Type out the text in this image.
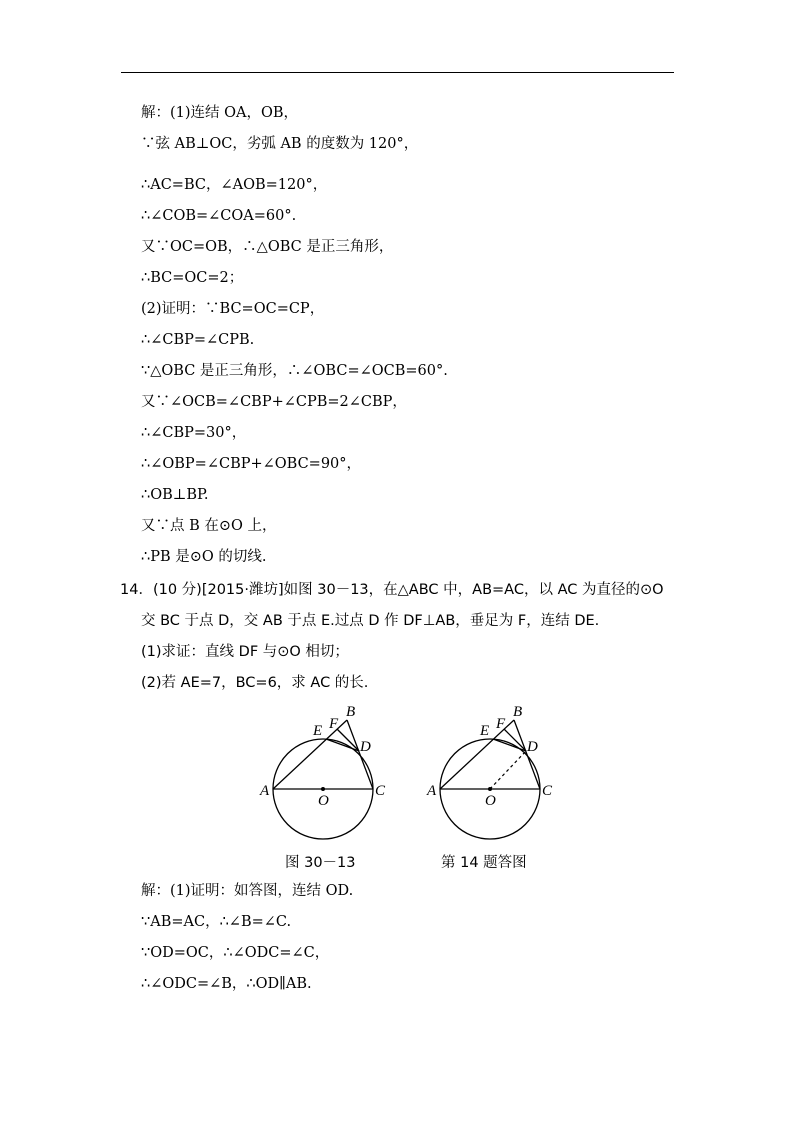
解：(1)连结 OA，OB，
∵弦 AB⊥OC，劣弧 AB 的度数为 120°，
∴AC=BC，∠AOB=120°，
∴∠COB=∠COA=60°.
又∵OC=OB，∴△OBC 是正三角形，
∴BC=OC=2；
(2)证明：∵BC=OC=CP，
∴∠CBP=∠CPB.
∵△OBC 是正三角形，∴∠OBC=∠OCB=60°.
又∵∠OCB=∠CBP+∠CPB=2∠CBP，
∴∠CBP=30°，
∴∠OBP=∠CBP+∠OBC=90°，
∴OB⊥BP.
又∵点 B 在⊙O 上，
∴PB 是⊙O 的切线.
14．(10 分)[2015·潍坊]如图 30－13，在△ABC 中，AB=AC，以 AC 为直径的⊙O
交 BC 于点 D，交 AB 于点 E.过点 D 作 DF⊥AB，垂足为 F，连结 DE.
(1)求证：直线 DF 与⊙O 相切；
(2)若 AE=7，BC=6，求 AC 的长.
A
B
C
D
E F
O
A
B
C
D
E F
O
图 30－13	第 14 题答图
解：(1)证明：如答图，连结 OD.
∵AB=AC，∴∠B=∠C.
∵OD=OC，∴∠ODC=∠C，
∴∠ODC=∠B，∴OD∥AB.
